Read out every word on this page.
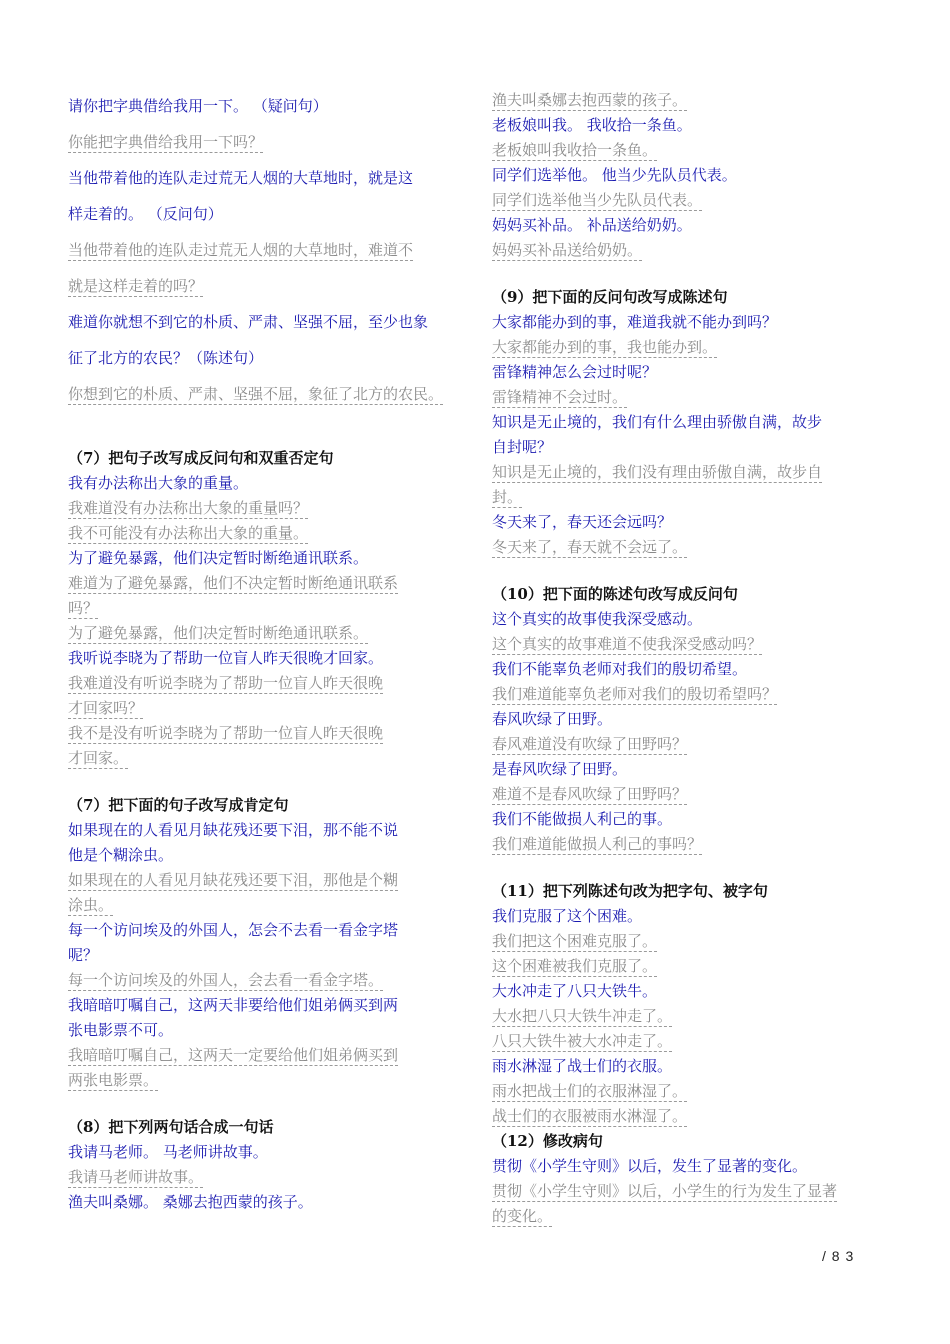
请你把字典借给我用一下。 （疑问句）
你能把字典借给我用一下吗？
当他带着他的连队走过荒无人烟的大草地时，就是这
样走着的。 （反问句）
当他带着他的连队走过荒无人烟的大草地时，难道不
就是这样走着的吗？
难道你就想不到它的朴质、严肃、坚强不屈，至少也象
征了北方的农民？（陈述句）
你想到它的朴质、严肃、坚强不屈，象征了北方的农民。
（7）把句子改写成反问句和双重否定句
我有办法称出大象的重量。
我难道没有办法称出大象的重量吗？
我不可能没有办法称出大象的重量。
为了避免暴露，他们决定暂时断绝通讯联系。
难道为了避免暴露，他们不决定暂时断绝通讯联系
吗？
为了避免暴露，他们决定暂时断绝通讯联系。
我听说李晓为了帮助一位盲人昨天很晚才回家。
我难道没有听说李晓为了帮助一位盲人昨天很晚
才回家吗？
我不是没有听说李晓为了帮助一位盲人昨天很晚
才回家。
（7）把下面的句子改写成肯定句
如果现在的人看见月缺花残还要下泪，那不能不说
他是个糊涂虫。
如果现在的人看见月缺花残还要下泪，那他是个糊
涂虫。
每一个访问埃及的外国人，怎会不去看一看金字塔
呢？
每一个访问埃及的外国人，会去看一看金字塔。
我暗暗叮嘱自己，这两天非要给他们姐弟俩买到两
张电影票不可。
我暗暗叮嘱自己，这两天一定要给他们姐弟俩买到
两张电影票。
（8）把下列两句话合成一句话
我请马老师。 马老师讲故事。
我请马老师讲故事。
渔夫叫桑娜。 桑娜去抱西蒙的孩子。
渔夫叫桑娜去抱西蒙的孩子。
老板娘叫我。 我收拾一条鱼。
老板娘叫我收拾一条鱼。
同学们选举他。 他当少先队员代表。
同学们选举他当少先队员代表。
妈妈买补品。 补品送给奶奶。
妈妈买补品送给奶奶。
（9）把下面的反问句改写成陈述句
大家都能办到的事，难道我就不能办到吗？
大家都能办到的事，我也能办到。
雷锋精神怎么会过时呢？
雷锋精神不会过时。
知识是无止境的，我们有什么理由骄傲自满，故步
自封呢？
知识是无止境的，我们没有理由骄傲自满，故步自
封。
冬天来了，春天还会远吗？
冬天来了，春天就不会远了。
（10）把下面的陈述句改写成反问句
这个真实的故事使我深受感动。
这个真实的故事难道不使我深受感动吗？
我们不能辜负老师对我们的殷切希望。
我们难道能辜负老师对我们的殷切希望吗？
春风吹绿了田野。
春风难道没有吹绿了田野吗？
是春风吹绿了田野。
难道不是春风吹绿了田野吗？
我们不能做损人利己的事。
我们难道能做损人利己的事吗？
（11）把下列陈述句改为把字句、被字句
我们克服了这个困难。
我们把这个困难克服了。
这个困难被我们克服了。
大水冲走了八只大铁牛。
大水把八只大铁牛冲走了。
八只大铁牛被大水冲走了。
雨水淋湿了战士们的衣服。
雨水把战士们的衣服淋湿了。
战士们的衣服被雨水淋湿了。
（12）修改病句
贯彻《小学生守则》以后，发生了显著的变化。
贯彻《小学生守则》以后，小学生的行为发生了显著
的变化。
/ 8 3
